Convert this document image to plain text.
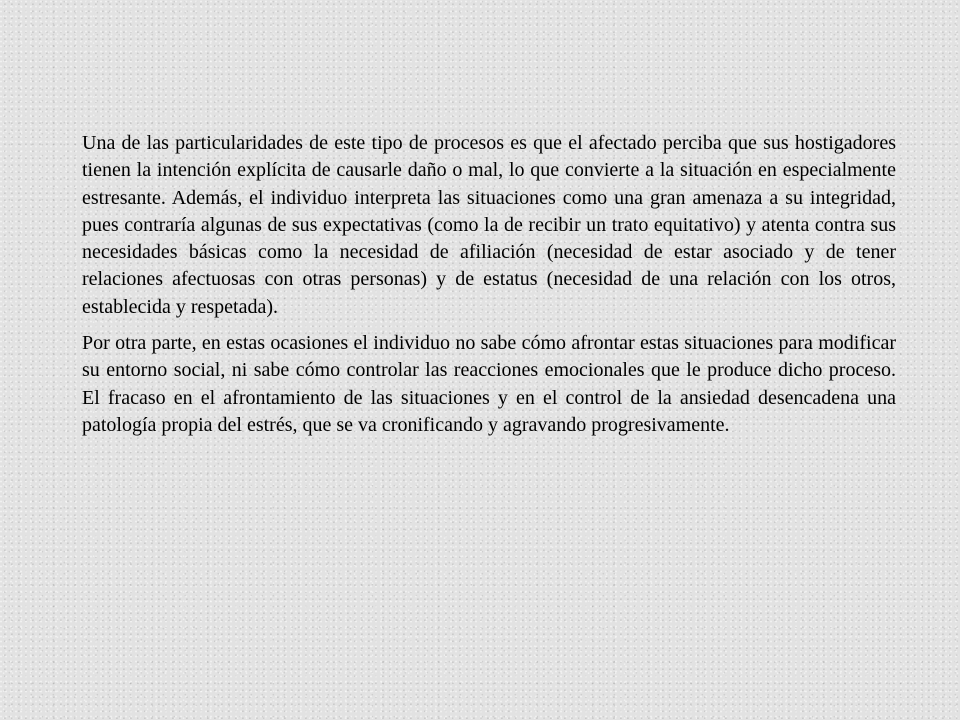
Una de las particularidades de este tipo de procesos es que el afectado perciba que sus hostigadores tienen la intención explícita de causarle daño o mal, lo que convierte a la situación en especialmente estresante. Además, el individuo interpreta las situaciones como una gran amenaza a su integridad, pues contraría algunas de sus expectativas (como la de recibir un trato equitativo) y atenta contra sus necesidades básicas como la necesidad de afiliación (necesidad de estar asociado y de tener relaciones afectuosas con otras personas) y de estatus (necesidad de una relación con los otros, establecida y respetada).

Por otra parte, en estas ocasiones el individuo no sabe cómo afrontar estas situaciones para modificar su entorno social, ni sabe cómo controlar las reacciones emocionales que le produce dicho proceso. El fracaso en el afrontamiento de las situaciones y en el control de la ansiedad desencadena una patología propia del estrés, que se va cronificando y agravando progresivamente.
